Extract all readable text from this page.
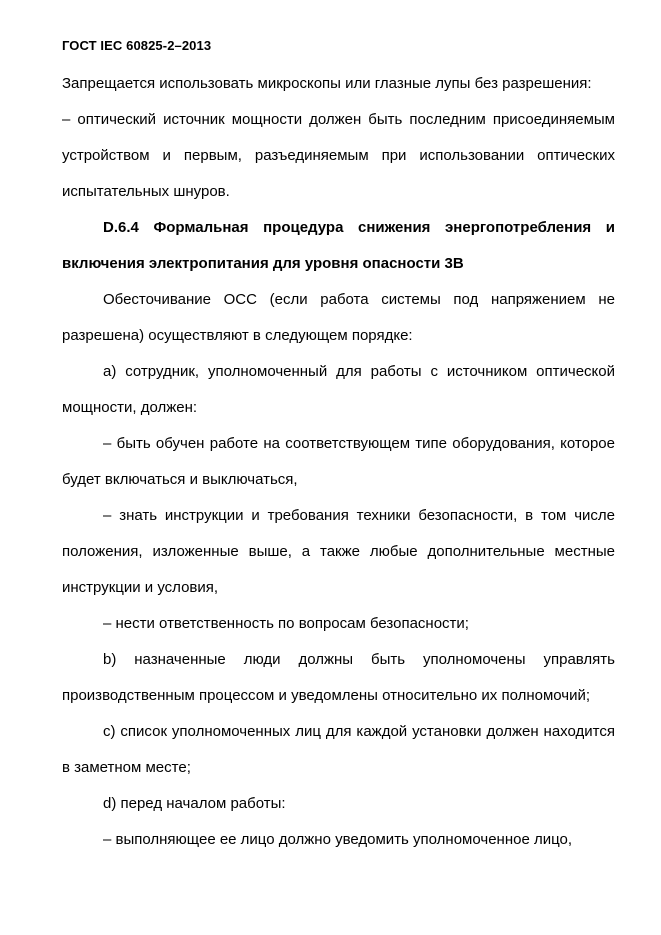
ГОСТ IEC 60825-2–2013

Запрещается использовать микроскопы или глазные лупы без разрешения:

– оптический источник мощности должен быть последним присоединяемым устройством и первым, разъединяемым при использовании оптических испытательных шнуров.

D.6.4 Формальная процедура снижения энергопотребления и включения электропитания для уровня опасности 3B

Обесточивание ОСС (если работа системы под напряжением не разрешена) осуществляют в следующем порядке:

а) сотрудник, уполномоченный для работы с источником оптической мощности, должен:

– быть обучен работе на соответствующем типе оборудования, которое будет включаться и выключаться,

– знать инструкции и требования техники безопасности, в том числе положения, изложенные выше, а также любые дополнительные местные инструкции и условия,

– нести ответственность по вопросам безопасности;

b) назначенные люди должны быть уполномочены управлять производственным процессом и уведомлены относительно их полномочий;

c) список уполномоченных лиц для каждой установки должен находится в заметном месте;

d) перед началом работы:

– выполняющее ее лицо должно уведомить уполномоченное лицо,
